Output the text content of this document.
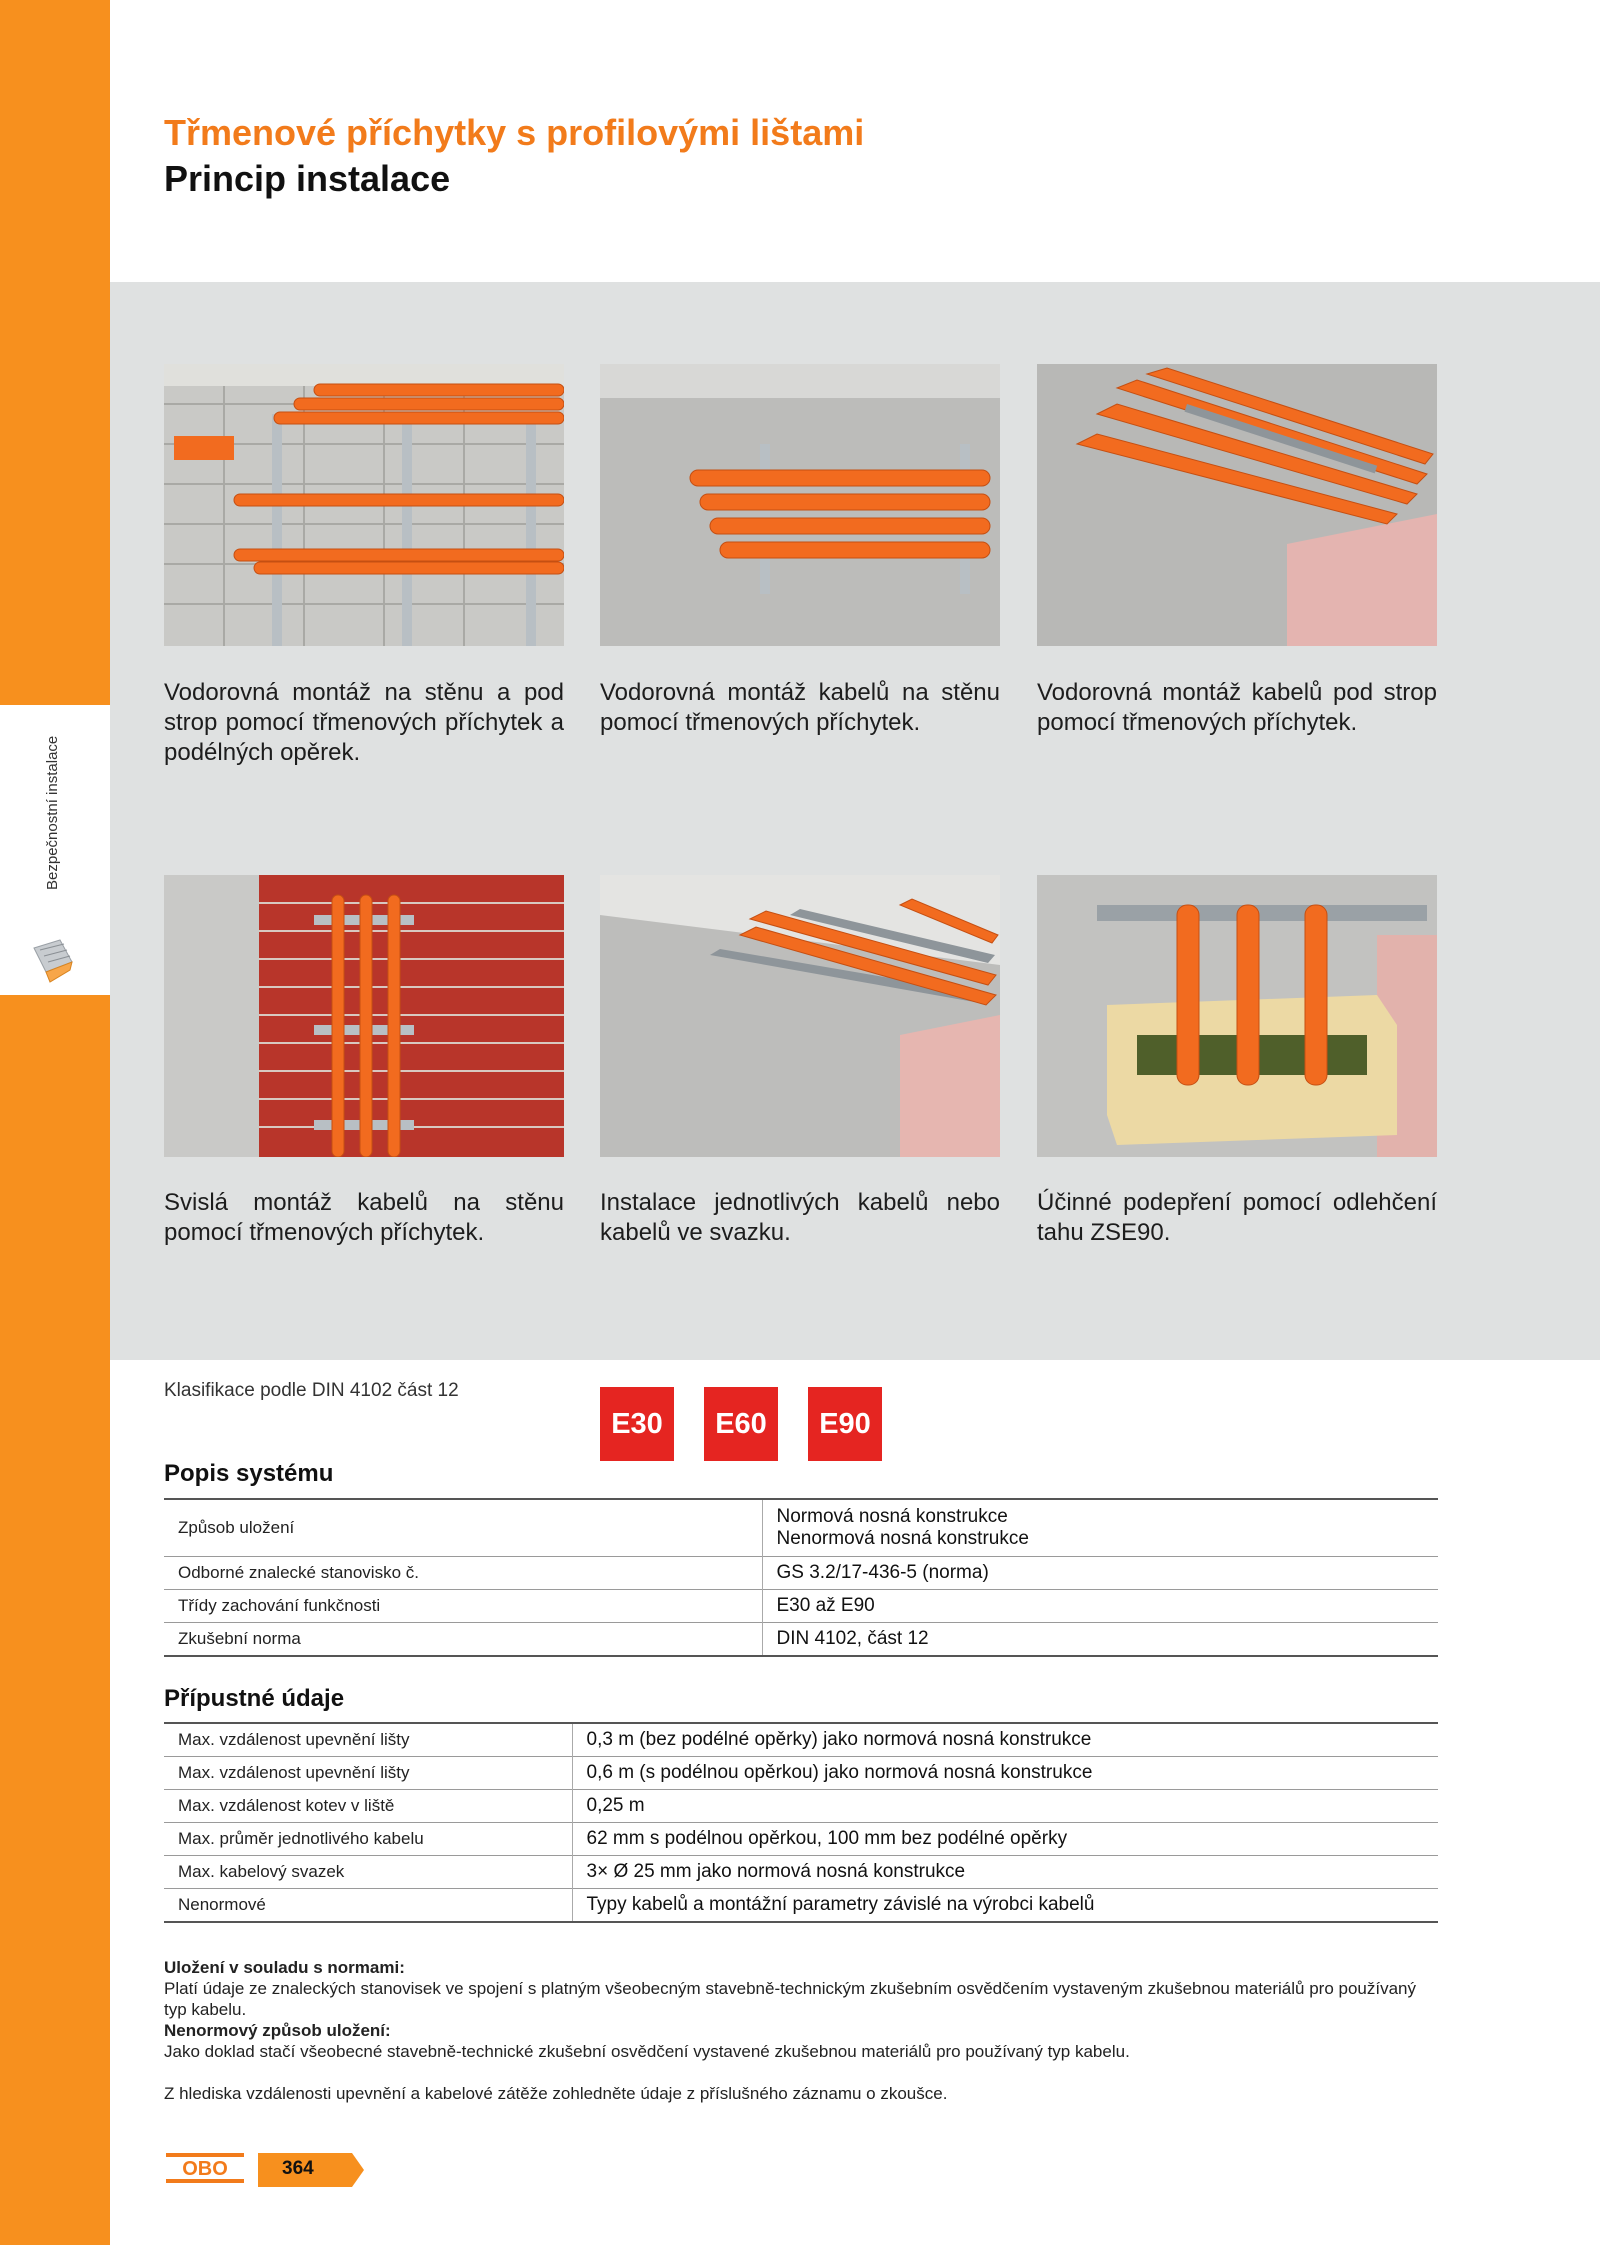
Bezpečnostní instalace
Třmenové příchytky s profilovými lištami
Princip instalace
Vodorovná montáž na stěnu a pod strop pomocí třmenových příchytek a podélných opěrek.
Vodorovná montáž kabelů na stěnu pomocí třmenových příchytek.
Vodorovná montáž kabelů pod strop pomocí třmenových příchytek.
Svislá montáž kabelů na stěnu pomocí třmenových příchytek.
Instalace jednotlivých kabelů nebo kabelů ve svazku.
Účinné podepření pomocí odlehčení tahu ZSE90.
Klasifikace podle DIN 4102 část 12
E30	E60	E90
Popis systému
Způsob uložení	Normová nosná konstrukce
Nenormová nosná konstrukce

Odborné znalecké stanovisko č.	GS 3.2/17-436-5 (norma)
Třídy zachování funkčnosti	E30 až E90
Zkušební norma	DIN 4102, část 12
Přípustné údaje
Max. vzdálenost upevnění lišty	0,3 m (bez podélné opěrky) jako normová nosná konstrukce
Max. vzdálenost upevnění lišty	0,6 m (s podélnou opěrkou) jako normová nosná konstrukce
Max. vzdálenost kotev v liště	0,25 m
Max. průměr jednotlivého kabelu	62 mm s podélnou opěrkou, 100 mm bez podélné opěrky
Max. kabelový svazek	3× Ø 25 mm jako normová nosná konstrukce
Nenormové	Typy kabelů a montážní parametry závislé na výrobci kabelů
Uložení v souladu s normami:

Platí údaje ze znaleckých stanovisek ve spojení s platným všeobecným stavebně-technickým zkušebním osvědčením vystaveným zkušebnou materiálů pro používaný typ kabelu.

Nenormový způsob uložení:

Jako doklad stačí všeobecné stavebně-technické zkušební osvědčení vystavené zkušebnou materiálů pro používaný typ kabelu.

Z hlediska vzdálenosti upevnění a kabelové zátěže zohledněte údaje z příslušného záznamu o zkoušce.

OBO	364
